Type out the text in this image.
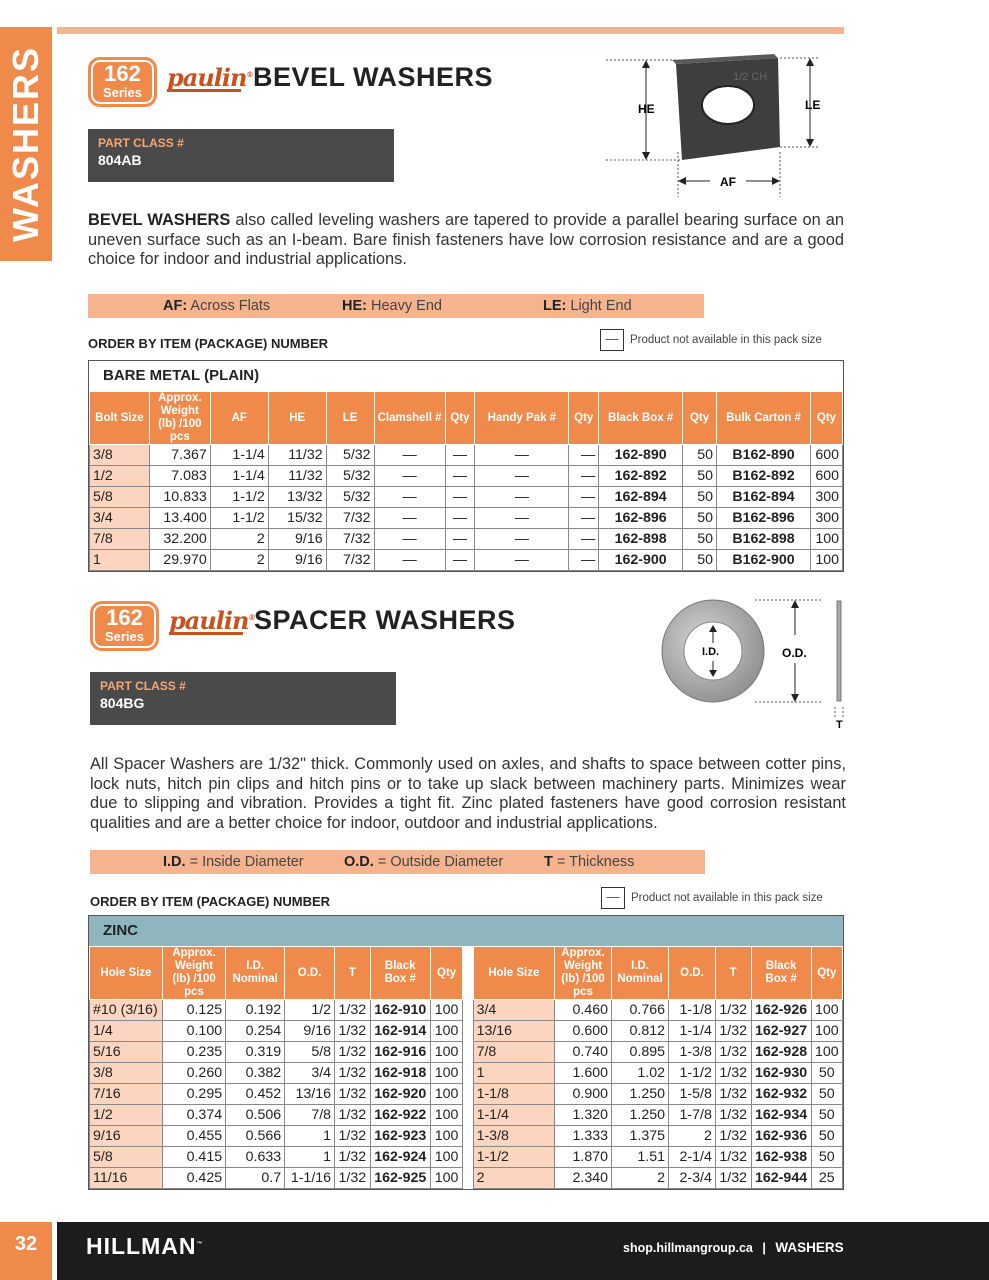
WASHERS	162
Series
paulin® BEVEL WASHERS
PART CLASS #
804AB
HE
1/2 CH
LE
AF
BEVEL WASHERS also called leveling washers are tapered to provide a parallel bearing surface on an uneven surface such as an I-beam. Bare finish fasteners have low corrosion resistance and are a good choice for indoor and industrial applications.
AF: Across Flats	HE: Heavy End	LE: Light End
ORDER BY ITEM (PACKAGE) NUMBER	— Product not available in this pack size
BARE METAL (PLAIN)
Bolt Size	Approx. Weight (lb) /100 pcs	AF	HE	LE	Clamshell #	Qty	Handy Pak #	Qty	Black Box #	Qty	Bulk Carton #	Qty
3/8	7.367	1-1/4	11/32	5/32	—	—	—	—	162-890	50	B162-890	600
1/2	7.083	1-1/4	11/32	5/32	—	—	—	—	162-892	50	B162-892	600
5/8	10.833	1-1/2	13/32	5/32	—	—	—	—	162-894	50	B162-894	300
3/4	13.400	1-1/2	15/32	7/32	—	—	—	—	162-896	50	B162-896	300
7/8	32.200	2	9/16	7/32	—	—	—	—	162-898	50	B162-898	100
1	29.970	2	9/16	7/32	—	—	—	—	162-900	50	B162-900	100
162
Series
paulin® SPACER WASHERS
PART CLASS #
804BG
I.D.	O.D.
T
All Spacer Washers are 1/32" thick. Commonly used on axles, and shafts to space between cotter pins, lock nuts, hitch pin clips and hitch pins or to take up slack between machinery parts. Minimizes wear due to slipping and vibration. Provides a tight fit. Zinc plated fasteners have good corrosion resistant qualities and are a better choice for indoor, outdoor and industrial applications.
I.D. = Inside Diameter	O.D. = Outside Diameter	T = Thickness
ORDER BY ITEM (PACKAGE) NUMBER	— Product not available in this pack size
ZINC
Hole Size	Approx. Weight (lb) /100 pcs	I.D. Nominal	O.D.	T	Black Box #	Qty		Hole Size	Approx. Weight (lb) /100 pcs	I.D. Nominal	O.D.	T	Black Box #	Qty
#10 (3/16)	0.125	0.192	1/2	1/32	162-910	100		3/4	0.460	0.766	1-1/8	1/32	162-926	100
1/4	0.100	0.254	9/16	1/32	162-914	100		13/16	0.600	0.812	1-1/4	1/32	162-927	100
5/16	0.235	0.319	5/8	1/32	162-916	100		7/8	0.740	0.895	1-3/8	1/32	162-928	100
3/8	0.260	0.382	3/4	1/32	162-918	100		1	1.600	1.02	1-1/2	1/32	162-930	50
7/16	0.295	0.452	13/16	1/32	162-920	100		1-1/8	0.900	1.250	1-5/8	1/32	162-932	50
1/2	0.374	0.506	7/8	1/32	162-922	100		1-1/4	1.320	1.250	1-7/8	1/32	162-934	50
9/16	0.455	0.566	1	1/32	162-923	100		1-3/8	1.333	1.375	2	1/32	162-936	50
5/8	0.415	0.633	1	1/32	162-924	100		1-1/2	1.870	1.51	2-1/4	1/32	162-938	50
11/16	0.425	0.7	1-1/16	1/32	162-925	100		2	2.340	2	2-3/4	1/32	162-944	25
32	HILLMAN™	shop.hillmangroup.ca | WASHERS
